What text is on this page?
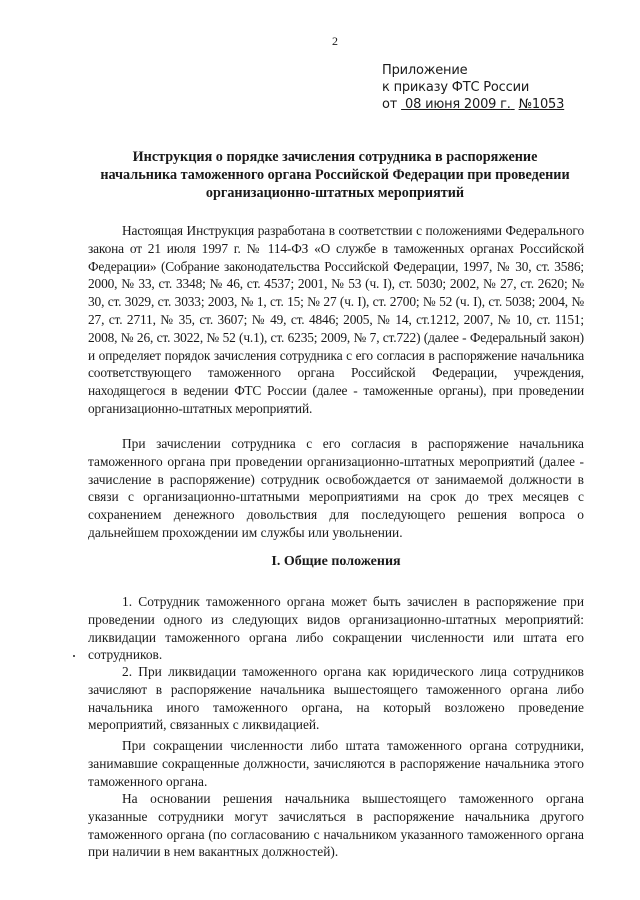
2
Приложение
к приказу ФТС России
от 08 июня 2009 г. №1053
Инструкция о порядке зачисления сотрудника в распоряжение
начальника таможенного органа Российской Федерации при проведении
организационно-штатных мероприятий

Настоящая Инструкция разработана в соответствии с положениями Федерального закона от 21 июля 1997 г. № 114-ФЗ «О службе в таможенных органах Российской Федерации» (Собрание законодательства Российской Федерации, 1997, № 30, ст. 3586; 2000, № 33, ст. 3348; № 46, ст. 4537; 2001, № 53 (ч. I), ст. 5030; 2002, № 27, ст. 2620; № 30, ст. 3029, ст. 3033; 2003, № 1, ст. 15; № 27 (ч. I), ст. 2700; № 52 (ч. I), ст. 5038; 2004, № 27, ст. 2711, № 35, ст. 3607; № 49, ст. 4846; 2005, № 14, ст.1212, 2007, № 10, ст. 1151; 2008, № 26, ст. 3022, № 52 (ч.1), ст. 6235; 2009, № 7, ст.722) (далее - Федеральный закон) и определяет порядок зачисления сотрудника с его согласия в распоряжение начальника соответствующего таможенного органа Российской Федерации, учреждения, находящегося в ведении ФТС России (далее - таможенные органы), при проведении организационно-штатных мероприятий.

При зачислении сотрудника с его согласия в распоряжение начальника таможенного органа при проведении организационно-штатных мероприятий (далее - зачисление в распоряжение) сотрудник освобождается от занимаемой должности в связи с организационно-штатными мероприятиями на срок до трех месяцев с сохранением денежного довольствия для последующего решения вопроса о дальнейшем прохождении им службы или увольнении.

I. Общие положения

1. Сотрудник таможенного органа может быть зачислен в распоряжение при проведении одного из следующих видов организационно-штатных мероприятий: ликвидации таможенного органа либо сокращении численности или штата его сотрудников.

2. При ликвидации таможенного органа как юридического лица сотрудников зачисляют в распоряжение начальника вышестоящего таможенного органа либо начальника иного таможенного органа, на который возложено проведение мероприятий, связанных с ликвидацией.

При сокращении численности либо штата таможенного органа сотрудники, занимавшие сокращенные должности, зачисляются в распоряжение начальника этого таможенного органа.

На основании решения начальника вышестоящего таможенного органа указанные сотрудники могут зачисляться в распоряжение начальника другого таможенного органа (по согласованию с начальником указанного таможенного органа при наличии в нем вакантных должностей).
